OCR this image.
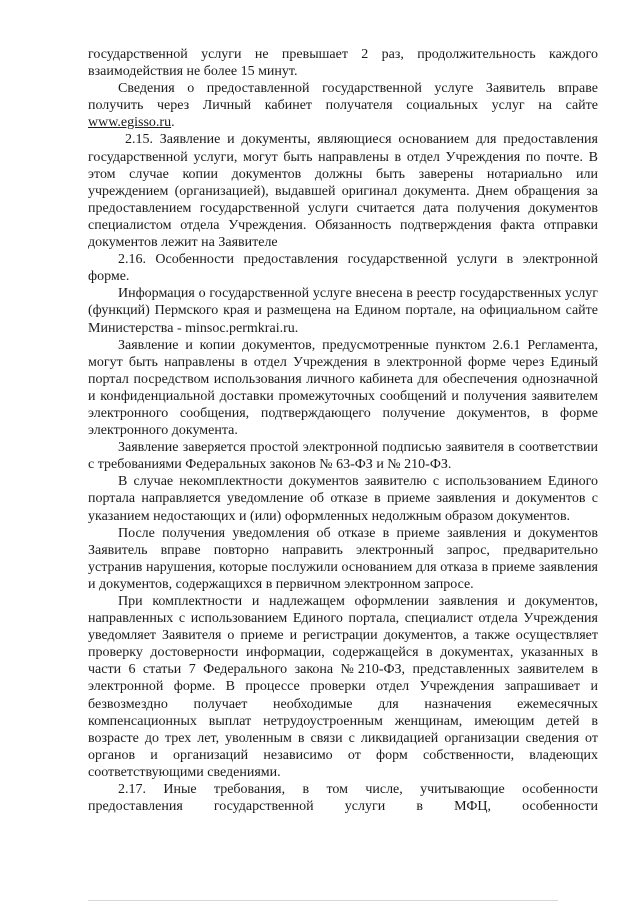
государственной услуги не превышает 2 раз, продолжительность каждого взаимодействия не более 15 минут.

Сведения о предоставленной государственной услуге Заявитель вправе получить через Личный кабинет получателя социальных услуг на сайте www.egisso.ru.

2.15. Заявление и документы, являющиеся основанием для предоставления государственной услуги, могут быть направлены в отдел Учреждения по почте. В этом случае копии документов должны быть заверены нотариально или учреждением (организацией), выдавшей оригинал документа. Днем обращения за предоставлением государственной услуги считается дата получения документов специалистом отдела Учреждения. Обязанность подтверждения факта отправки документов лежит на Заявителе

2.16. Особенности предоставления государственной услуги в электронной форме.

Информация о государственной услуге внесена в реестр государственных услуг (функций) Пермского края и размещена на Едином портале, на официальном сайте Министерства - minsoc.permkrai.ru.

Заявление и копии документов, предусмотренные пунктом 2.6.1 Регламента, могут быть направлены в отдел Учреждения в электронной форме через Единый портал посредством использования личного кабинета для обеспечения однозначной и конфиденциальной доставки промежуточных сообщений и получения заявителем электронного сообщения, подтверждающего получение документов, в форме электронного документа.

Заявление заверяется простой электронной подписью заявителя в соответствии с требованиями Федеральных законов № 63-ФЗ и № 210-ФЗ.

В случае некомплектности документов заявителю с использованием Единого портала направляется уведомление об отказе в приеме заявления и документов с указанием недостающих и (или) оформленных недолжным образом документов.

После получения уведомления об отказе в приеме заявления и документов Заявитель вправе повторно направить электронный запрос, предварительно устранив нарушения, которые послужили основанием для отказа в приеме заявления и документов, содержащихся в первичном электронном запросе.

При комплектности и надлежащем оформлении заявления и документов, направленных с использованием Единого портала, специалист отдела Учреждения уведомляет Заявителя о приеме и регистрации документов, а также осуществляет проверку достоверности информации, содержащейся в документах, указанных в части 6 статьи 7 Федерального закона №210-ФЗ, представленных заявителем в электронной форме. В процессе проверки отдел Учреждения запрашивает и безвозмездно получает необходимые для назначения ежемесячных компенсационных выплат нетрудоустроенным женщинам, имеющим детей в возрасте до трех лет, уволенным в связи с ликвидацией организации сведения от органов и организаций независимо от форм собственности, владеющих соответствующими сведениями.

2.17. Иные требования, в том числе, учитывающие особенности предоставления государственной услуги в МФЦ, особенности
